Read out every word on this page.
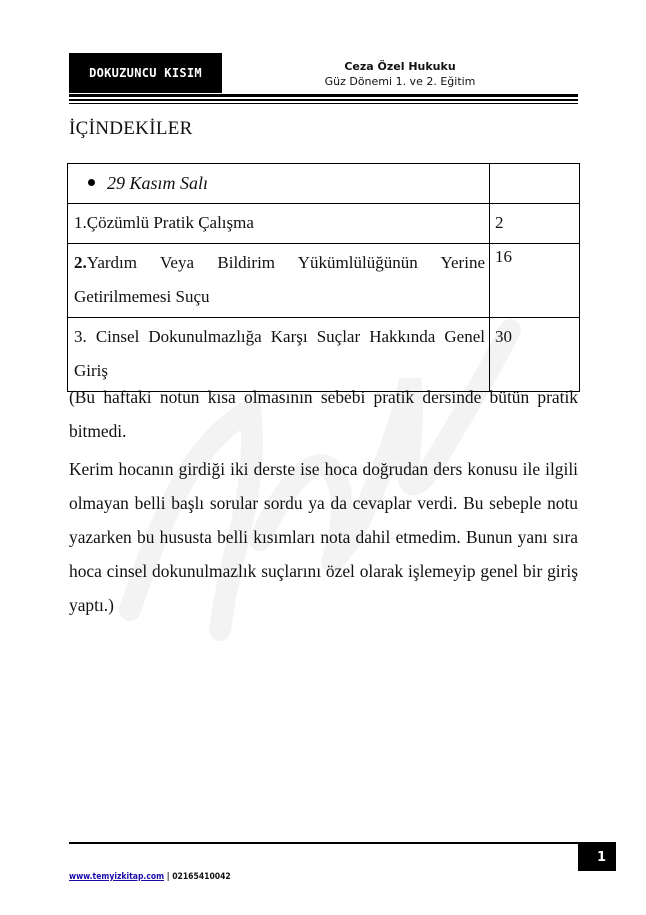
DOKUZUNCU KISIM	Ceza Özel Hukuku
Güz Dönemi 1. ve 2. Eğitim
İÇİNDEKİLER
29 Kasım Salı	
1.Çözümlü Pratik Çalışma	2
2.Yardım Veya Bildirim Yükümlülüğünün Yerine Getirilmemesi Suçu	16
3. Cinsel Dokunulmazlığa Karşı Suçlar Hakkında Genel Giriş	30

(Bu haftaki notun kısa olmasının sebebi pratik dersinde bütün pratik bitmedi.

Kerim hocanın girdiği iki derste ise hoca doğrudan ders konusu ile ilgili olmayan belli başlı sorular sordu ya da cevaplar verdi. Bu sebeple notu yazarken bu hususta belli kısımları nota dahil etmedim. Bunun yanı sıra hoca cinsel dokunulmazlık suçlarını özel olarak işlemeyip genel bir giriş yaptı.)

1
www.temyizkitap.com | 02165410042
